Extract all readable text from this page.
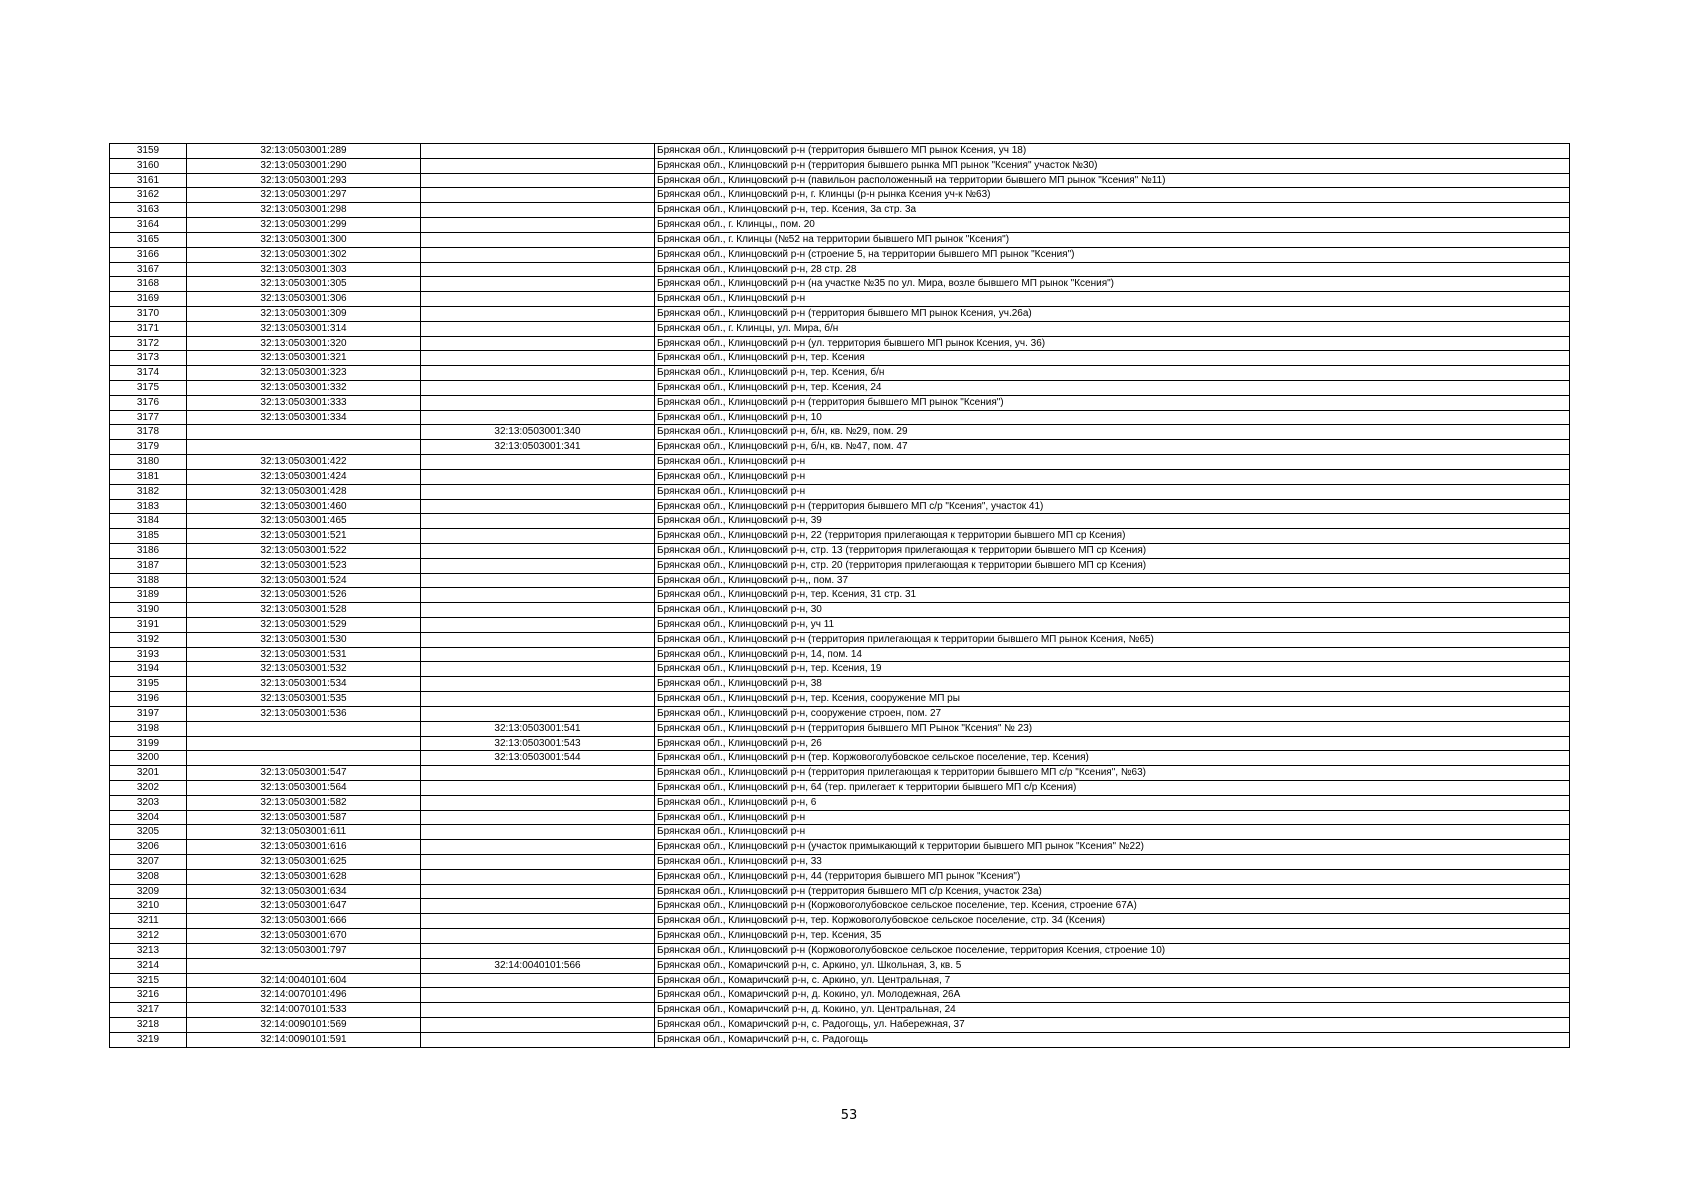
3159	32:13:0503001:289		Брянская обл., Клинцовский р-н (территория бывшего МП рынок Ксения, уч 18)
3160	32:13:0503001:290		Брянская обл., Клинцовский р-н (территория бывшего рынка МП рынок "Ксения" участок №30)
3161	32:13:0503001:293		Брянская обл., Клинцовский р-н (павильон расположенный на территории бывшего МП рынок "Ксения" №11)
3162	32:13:0503001:297		Брянская обл., Клинцовский р-н, г. Клинцы (р-н рынка Ксения уч-к №63)
3163	32:13:0503001:298		Брянская обл., Клинцовский р-н, тер. Ксения, 3а стр. 3а
3164	32:13:0503001:299		Брянская обл., г. Клинцы,, пом. 20
3165	32:13:0503001:300		Брянская обл., г. Клинцы (№52 на территории бывшего МП рынок "Ксения")
3166	32:13:0503001:302		Брянская обл., Клинцовский р-н (строение 5, на территории бывшего МП рынок "Ксения")
3167	32:13:0503001:303		Брянская обл., Клинцовский р-н, 28 стр. 28
3168	32:13:0503001:305		Брянская обл., Клинцовский р-н (на участке №35 по ул. Мира, возле бывшего МП рынок "Ксения")
3169	32:13:0503001:306		Брянская обл., Клинцовский р-н
3170	32:13:0503001:309		Брянская обл., Клинцовский р-н (территория бывшего МП рынок Ксения, уч.26а)
3171	32:13:0503001:314		Брянская обл., г. Клинцы, ул. Мира, б/н
3172	32:13:0503001:320		Брянская обл., Клинцовский р-н (ул. территория бывшего МП рынок Ксения, уч. 36)
3173	32:13:0503001:321		Брянская обл., Клинцовский р-н, тер. Ксения
3174	32:13:0503001:323		Брянская обл., Клинцовский р-н, тер. Ксения, б/н
3175	32:13:0503001:332		Брянская обл., Клинцовский р-н, тер. Ксения, 24
3176	32:13:0503001:333		Брянская обл., Клинцовский р-н (территория бывшего МП рынок "Ксения")
3177	32:13:0503001:334		Брянская обл., Клинцовский р-н, 10
3178		32:13:0503001:340	Брянская обл., Клинцовский р-н, б/н, кв. №29, пом. 29
3179		32:13:0503001:341	Брянская обл., Клинцовский р-н, б/н, кв. №47, пом. 47
3180	32:13:0503001:422		Брянская обл., Клинцовский р-н
3181	32:13:0503001:424		Брянская обл., Клинцовский р-н
3182	32:13:0503001:428		Брянская обл., Клинцовский р-н
3183	32:13:0503001:460		Брянская обл., Клинцовский р-н (территория бывшего МП с/р "Ксения", участок 41)
3184	32:13:0503001:465		Брянская обл., Клинцовский р-н, 39
3185	32:13:0503001:521		Брянская обл., Клинцовский р-н, 22 (территория прилегающая к территории бывшего МП ср Ксения)
3186	32:13:0503001:522		Брянская обл., Клинцовский р-н, стр. 13 (территория прилегающая к территории бывшего МП ср Ксения)
3187	32:13:0503001:523		Брянская обл., Клинцовский р-н, стр. 20 (территория прилегающая к территории бывшего МП ср Ксения)
3188	32:13:0503001:524		Брянская обл., Клинцовский р-н,, пом. 37
3189	32:13:0503001:526		Брянская обл., Клинцовский р-н, тер. Ксения, 31 стр. 31
3190	32:13:0503001:528		Брянская обл., Клинцовский р-н, 30
3191	32:13:0503001:529		Брянская обл., Клинцовский р-н, уч 11
3192	32:13:0503001:530		Брянская обл., Клинцовский р-н (территория прилегающая к территории бывшего МП рынок Ксения, №65)
3193	32:13:0503001:531		Брянская обл., Клинцовский р-н, 14, пом. 14
3194	32:13:0503001:532		Брянская обл., Клинцовский р-н, тер. Ксения, 19
3195	32:13:0503001:534		Брянская обл., Клинцовский р-н, 38
3196	32:13:0503001:535		Брянская обл., Клинцовский р-н, тер. Ксения, сооружение МП ры
3197	32:13:0503001:536		Брянская обл., Клинцовский р-н, сооружение строен, пом. 27
3198		32:13:0503001:541	Брянская обл., Клинцовский р-н (территория бывшего МП Рынок "Ксения" № 23)
3199		32:13:0503001:543	Брянская обл., Клинцовский р-н, 26
3200		32:13:0503001:544	Брянская обл., Клинцовский р-н (тер. Коржовоголубовское сельское поселение, тер. Ксения)
3201	32:13:0503001:547		Брянская обл., Клинцовский р-н (территория прилегающая к территории бывшего МП с/р "Ксения", №63)
3202	32:13:0503001:564		Брянская обл., Клинцовский р-н, 64 (тер. прилегает к территории бывшего МП с/р Ксения)
3203	32:13:0503001:582		Брянская обл., Клинцовский р-н, 6
3204	32:13:0503001:587		Брянская обл., Клинцовский р-н
3205	32:13:0503001:611		Брянская обл., Клинцовский р-н
3206	32:13:0503001:616		Брянская обл., Клинцовский р-н (участок примыкающий к территории бывшего МП рынок "Ксения" №22)
3207	32:13:0503001:625		Брянская обл., Клинцовский р-н, 33
3208	32:13:0503001:628		Брянская обл., Клинцовский р-н, 44 (территория бывшего МП рынок "Ксения")
3209	32:13:0503001:634		Брянская обл., Клинцовский р-н (территория бывшего МП с/р Ксения, участок 23а)
3210	32:13:0503001:647		Брянская обл., Клинцовский р-н (Коржовоголубовское сельское поселение, тер. Ксения, строение 67А)
3211	32:13:0503001:666		Брянская обл., Клинцовский р-н, тер. Коржовоголубовское сельское поселение, стр. 34 (Ксения)
3212	32:13:0503001:670		Брянская обл., Клинцовский р-н, тер. Ксения, 35
3213	32:13:0503001:797		Брянская обл., Клинцовский р-н (Коржовоголубовское сельское поселение, территория Ксения, строение 10)
3214		32:14:0040101:566	Брянская обл., Комаричский р-н, с. Аркино, ул. Школьная, 3, кв. 5
3215	32:14:0040101:604		Брянская обл., Комаричский р-н, с. Аркино, ул. Центральная, 7
3216	32:14:0070101:496		Брянская обл., Комаричский р-н, д. Кокино, ул. Молодежная, 26А
3217	32:14:0070101:533		Брянская обл., Комаричский р-н, д. Кокино, ул. Центральная, 24
3218	32:14:0090101:569		Брянская обл., Комаричский р-н, с. Радогощь, ул. Набережная, 37
3219	32:14:0090101:591		Брянская обл., Комаричский р-н, с. Радогощь
53
